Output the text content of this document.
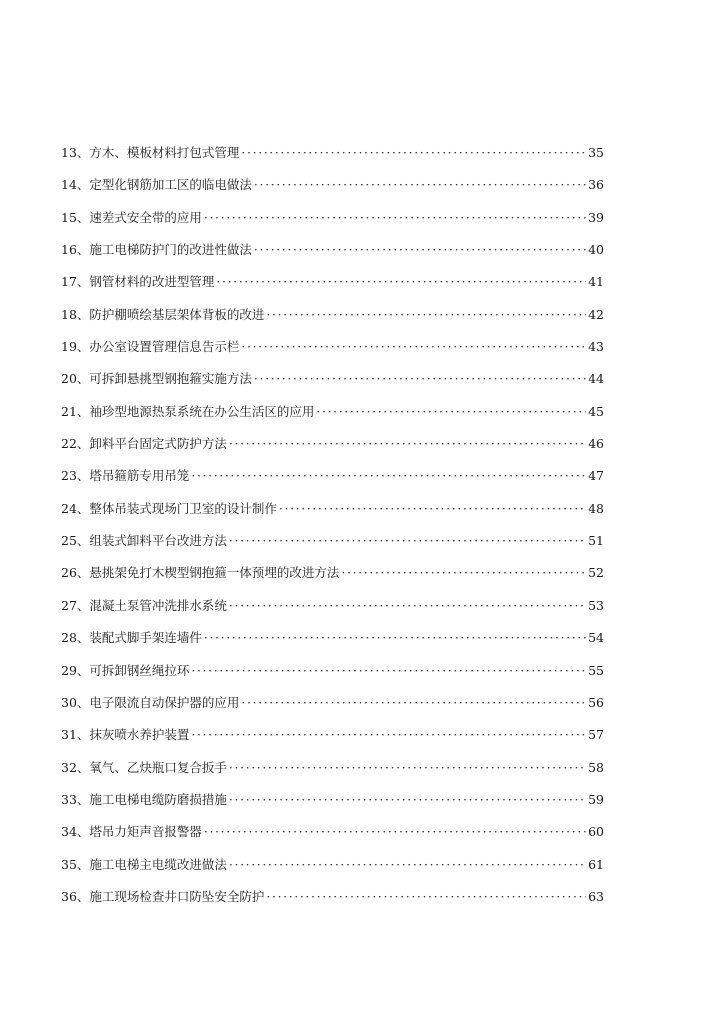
13、方木、模板材料打包式管理 ·····	35
14、定型化钢筋加工区的临电做法 ·····	36
15、速差式安全带的应用 ·····	39
16、施工电梯防护门的改进性做法 ·····	40
17、钢管材料的改进型管理 ·····	41
18、防护棚喷绘基层架体背板的改进 ·····	42
19、办公室设置管理信息告示栏 ·····	43
20、可拆卸悬挑型钢抱箍实施方法 ·····	44
21、袖珍型地源热泵系统在办公生活区的应用 ·····	45
22、卸料平台固定式防护方法 ·····	46
23、塔吊箍筋专用吊笼 ·····	47
24、整体吊装式现场门卫室的设计制作 ·····	48
25、组装式卸料平台改进方法 ·····	51
26、悬挑架免打木楔型钢抱箍一体预埋的改进方法 ·····	52
27、混凝土泵管冲洗排水系统 ·····	53
28、装配式脚手架连墙件 ·····	54
29、可拆卸钢丝绳拉环 ·····	55
30、电子限流自动保护器的应用 ·····	56
31、抹灰喷水养护装置 ·····	57
32、氧气、乙炔瓶口复合扳手 ·····	58
33、施工电梯电缆防磨损措施 ·····	59
34、塔吊力矩声音报警器 ·····	60
35、施工电梯主电缆改进做法 ·····	61
36、施工现场检查井口防坠安全防护 ·····	63
